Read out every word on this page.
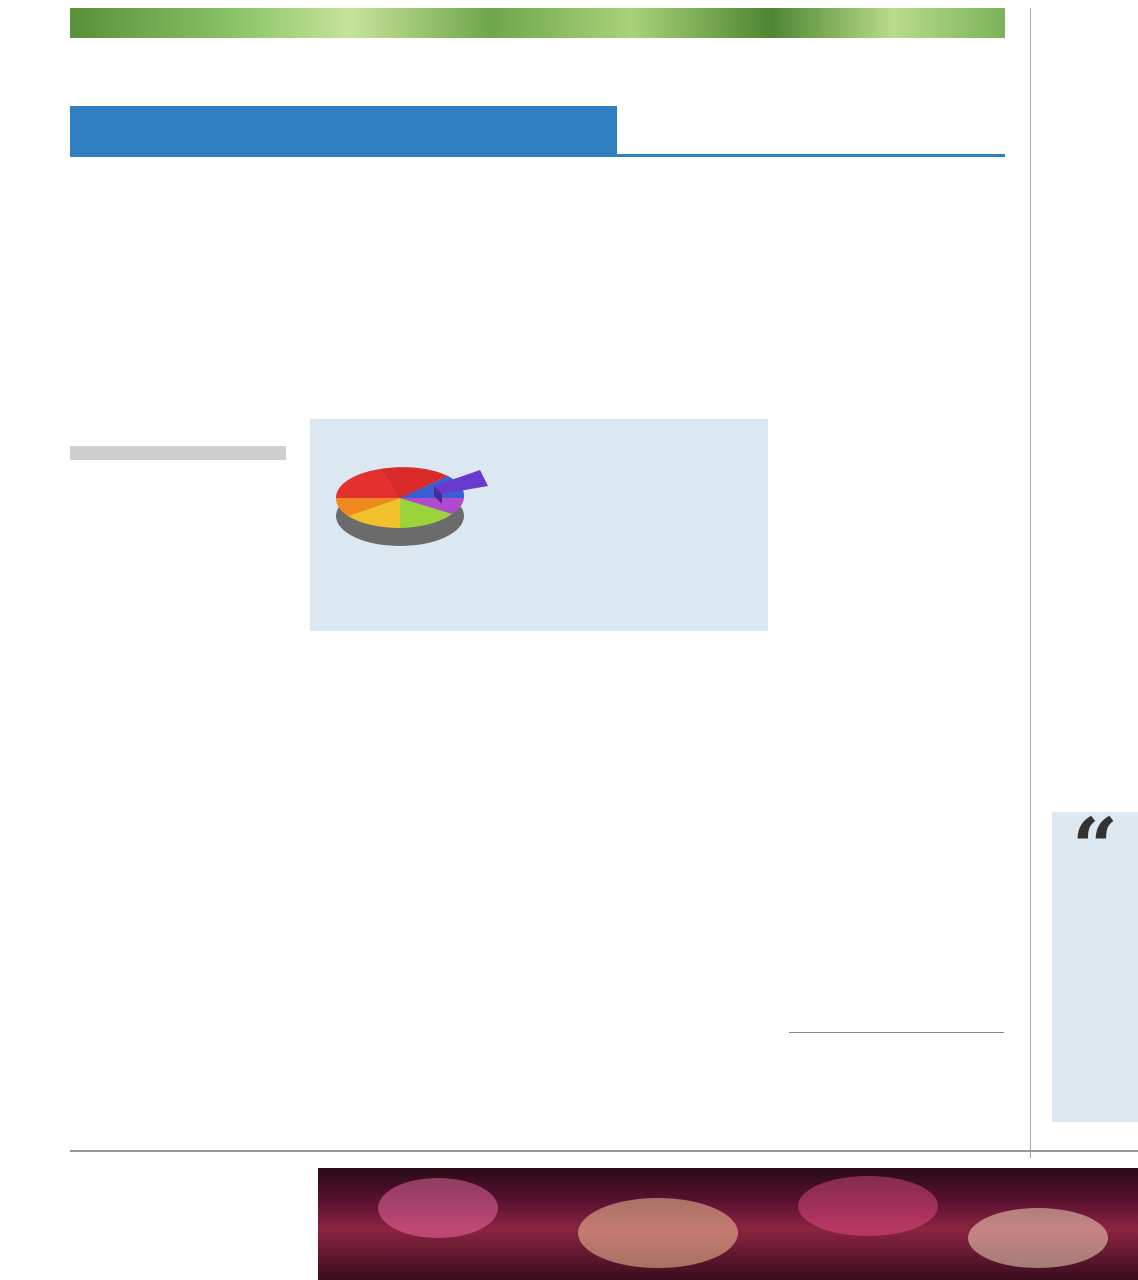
“
